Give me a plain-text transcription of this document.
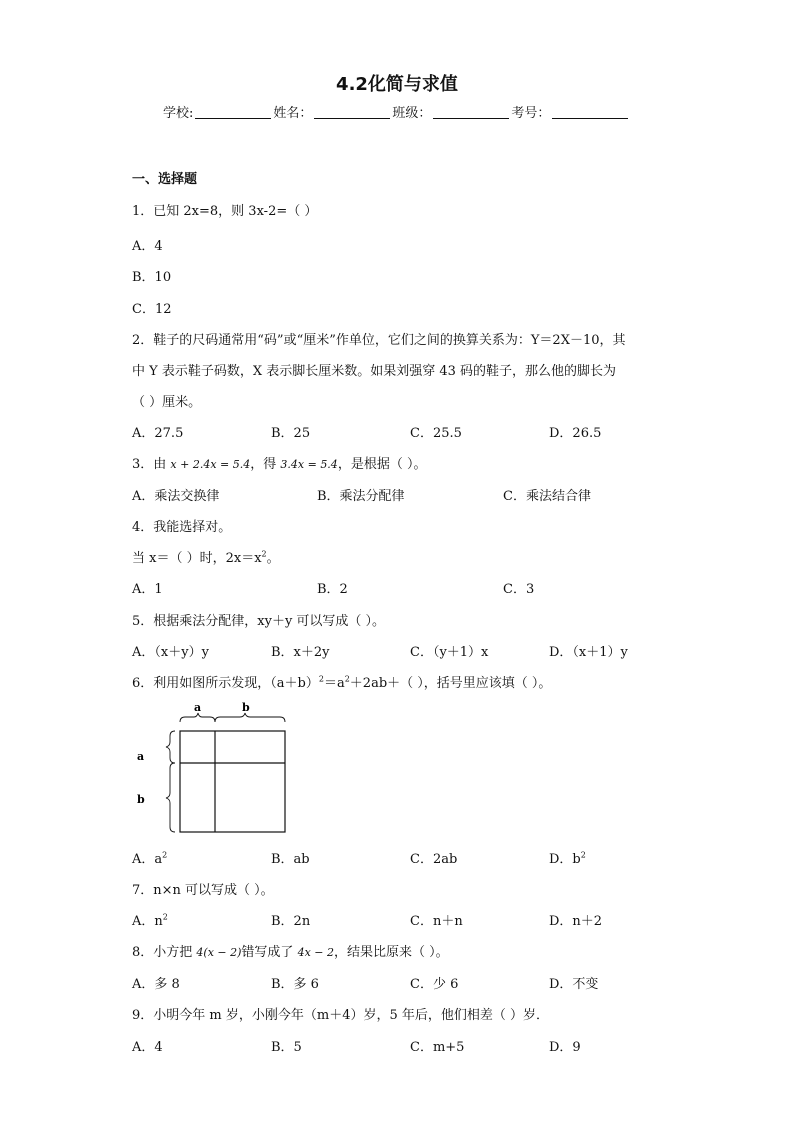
4.2化简与求值
学校:	姓名：	班级：	考号：
一、选择题
1．已知 2x=8，则 3x-2=（ ）
A．4
B．10
C．12
2．鞋子的尺码通常用“码”或“厘米”作单位，它们之间的换算关系为：Y＝2X－10，其
中 Y 表示鞋子码数，X 表示脚长厘米数。如果刘强穿 43 码的鞋子，那么他的脚长为
（ ）厘米。
A．27.5	B．25	C．25.5	D．26.5
3．由 x + 2.4x = 5.4，得 3.4x = 5.4，是根据（ ）。
A．乘法交换律	B．乘法分配律	C．乘法结合律
4．我能选择对。
当 x＝（ ）时，$2x=x^2$。
A．1	B．2	C．3
5．根据乘法分配律，xy＋y 可以写成（ ）。
A．（x＋y）y	B．x＋2y	C．（y＋1）x	D．（x＋1）y
6．利用如图所示发现，$(a+b)^2=a^2+2ab+$（ ），括号里应该填（ ）。
a	b
a
b
A．$a^2$	B．ab	C．2ab	D．$b^2$
7．n×n 可以写成（ ）。
A．$n^2$	B．2n	C．n＋n	D．n＋2
8．小方把 4(x − 2)错写成了 4x − 2，结果比原来（ ）。
A．多 8	B．多 6	C．少 6	D．不变
9．小明今年 m 岁，小刚今年（m＋4）岁，5 年后，他们相差（ ）岁．
A．4	B．5	C．m+5	D．9
